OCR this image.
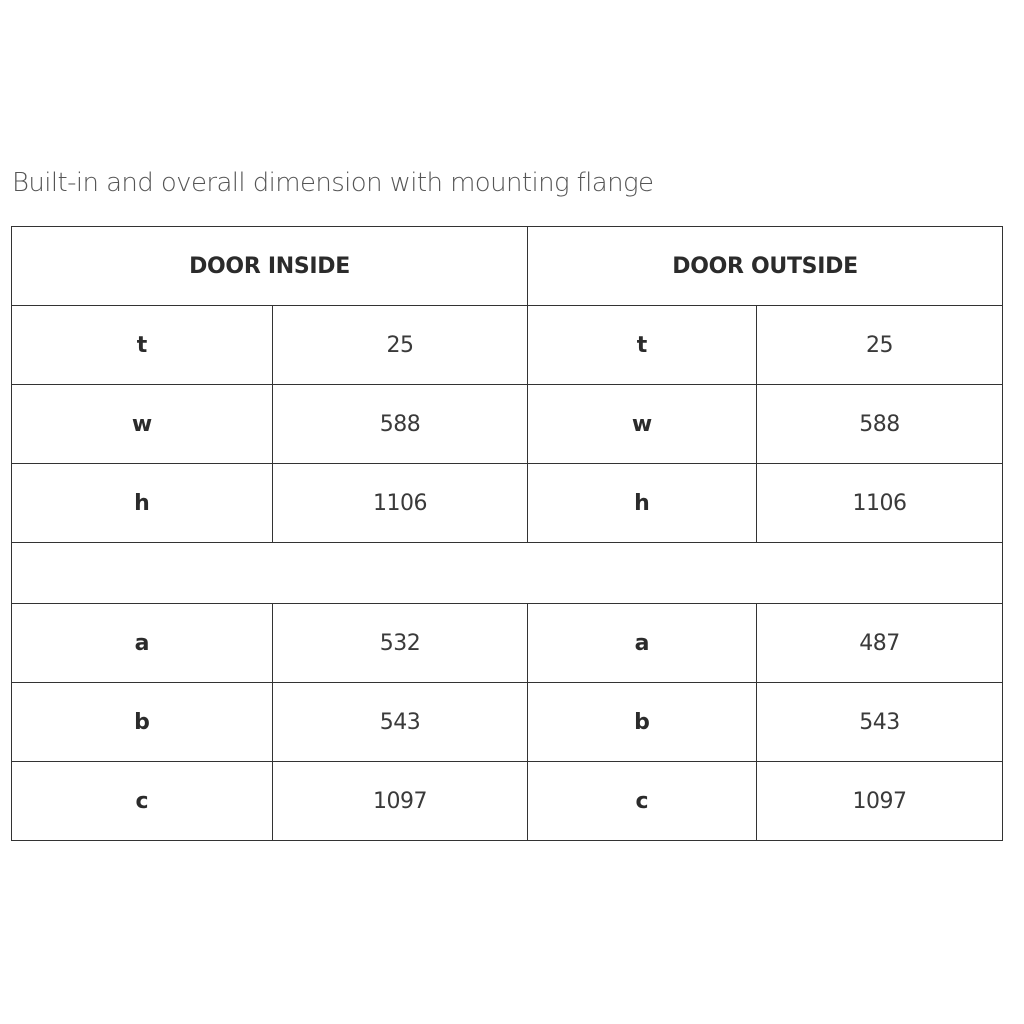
Built-in and overall dimension with mounting flange
DOOR INSIDE		DOOR OUTSIDE	
t	25	t	25
w	588	w	588
h	1106	h	1106

a	532	a	487
b	543	b	543
c	1097	c	1097
